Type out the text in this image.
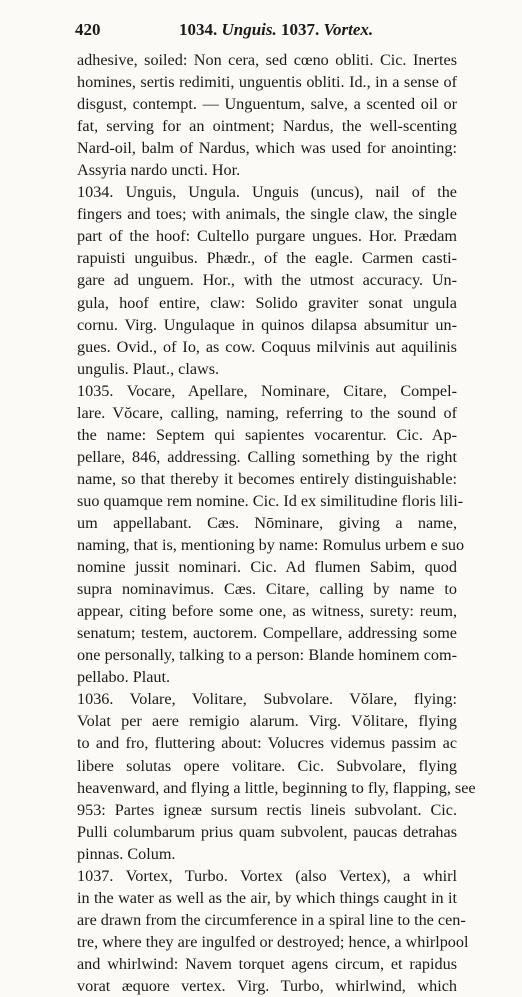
420	1034. Unguis. 1037. Vortex.
adhesive, soiled: Non cera, sed cœno obliti. Cic. Inertes
homines, sertis redimiti, unguentis obliti. Id., in a sense of
disgust, contempt. — Unguentum, salve, a scented oil or
fat, serving for an ointment; Nardus, the well-scenting
Nard-oil, balm of Nardus, which was used for anointing:
Assyria nardo uncti. Hor.
1034. Unguis, Ungula. Unguis (uncus), nail of the
fingers and toes; with animals, the single claw, the single
part of the hoof: Cultello purgare ungues. Hor. Prædam
rapuisti unguibus. Phædr., of the eagle. Carmen casti-
gare ad unguem. Hor., with the utmost accuracy. Un-
gula, hoof entire, claw: Solido graviter sonat ungula
cornu. Virg. Ungulaque in quinos dilapsa absumitur un-
gues. Ovid., of Io, as cow. Coquus milvinis aut aquilinis
ungulis. Plaut., claws.
1035. Vocare, Apellare, Nominare, Citare, Compel-
lare. Vŏcare, calling, naming, referring to the sound of
the name: Septem qui sapientes vocarentur. Cic. Ap-
pellare, 846, addressing. Calling something by the right
name, so that thereby it becomes entirely distinguishable:
suo quamque rem nomine. Cic. Id ex similitudine floris lili-
um appellabant. Cæs. Nōminare, giving a name,
naming, that is, mentioning by name: Romulus urbem e suo
nomine jussit nominari. Cic. Ad flumen Sabim, quod
supra nominavimus. Cæs. Citare, calling by name to
appear, citing before some one, as witness, surety: reum,
senatum; testem, auctorem. Compellare, addressing some
one personally, talking to a person: Blande hominem com-
pellabo. Plaut.
1036. Volare, Volitare, Subvolare. Vŏlare, flying:
Volat per aere remigio alarum. Virg. Vŏlitare, flying
to and fro, fluttering about: Volucres videmus passim ac
libere solutas opere volitare. Cic. Subvolare, flying
heavenward, and flying a little, beginning to fly, flapping, see
953: Partes igneæ sursum rectis lineis subvolant. Cic.
Pulli columbarum prius quam subvolent, paucas detrahas
pinnas. Colum.
1037. Vortex, Turbo. Vortex (also Vertex), a whirl
in the water as well as the air, by which things caught in it
are drawn from the circumference in a spiral line to the cen-
tre, where they are ingulfed or destroyed; hence, a whirlpool
and whirlwind: Navem torquet agens circum, et rapidus
vorat æquore vertex. Virg. Turbo, whirlwind, which
